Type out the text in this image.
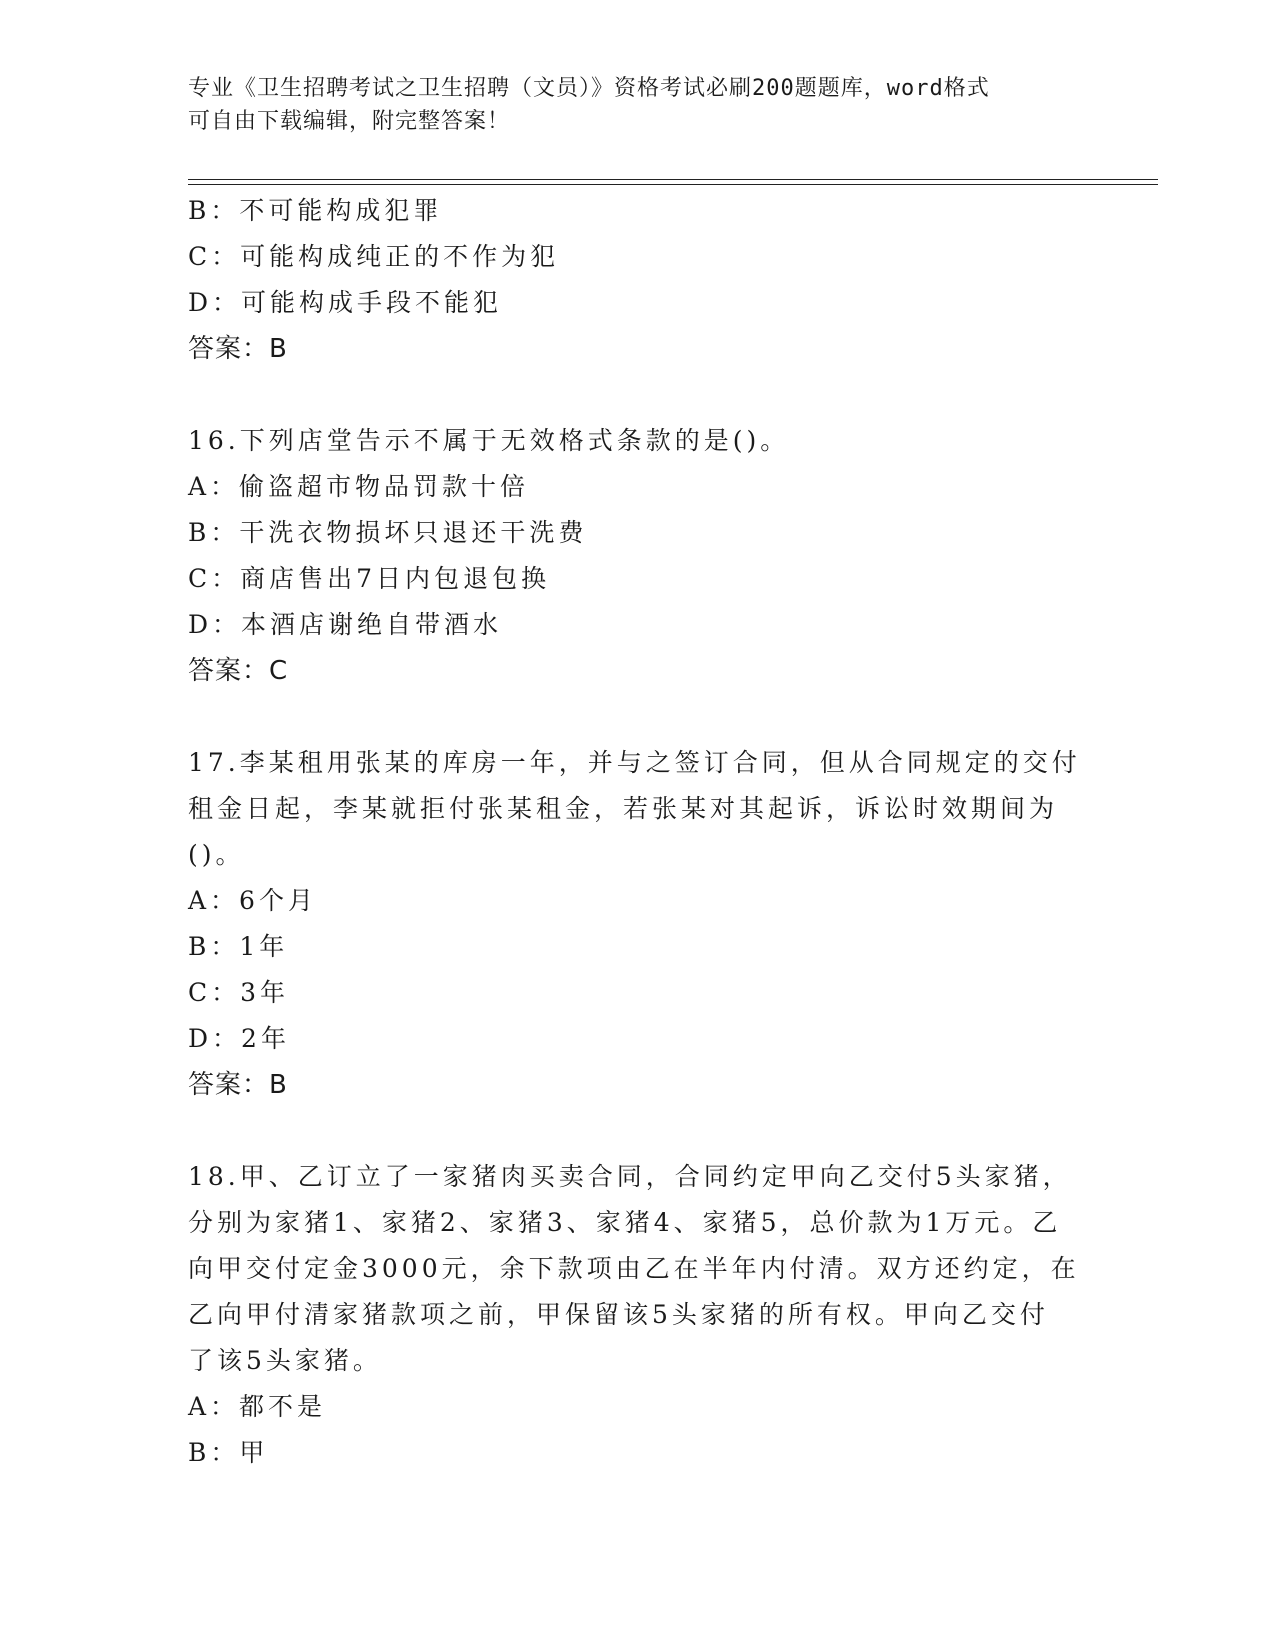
专业《卫生招聘考试之卫生招聘（文员）》资格考试必刷200题题库，word格式
可自由下载编辑，附完整答案！
B：不可能构成犯罪
C：可能构成纯正的不作为犯
D：可能构成手段不能犯
答案：B
16.下列店堂告示不属于无效格式条款的是()。
A：偷盗超市物品罚款十倍
B：干洗衣物损坏只退还干洗费
C：商店售出7日内包退包换
D：本酒店谢绝自带酒水
答案：C
17.李某租用张某的库房一年，并与之签订合同，但从合同规定的交付
租金日起，李某就拒付张某租金，若张某对其起诉，诉讼时效期间为
()。
A：6个月
B：1年
C：3年
D：2年
答案：B
18.甲、乙订立了一家猪肉买卖合同，合同约定甲向乙交付5头家猪，
分别为家猪1、家猪2、家猪3、家猪4、家猪5，总价款为1万元。乙
向甲交付定金3000元，余下款项由乙在半年内付清。双方还约定，在
乙向甲付清家猪款项之前，甲保留该5头家猪的所有权。甲向乙交付
了该5头家猪。
A：都不是
B：甲
